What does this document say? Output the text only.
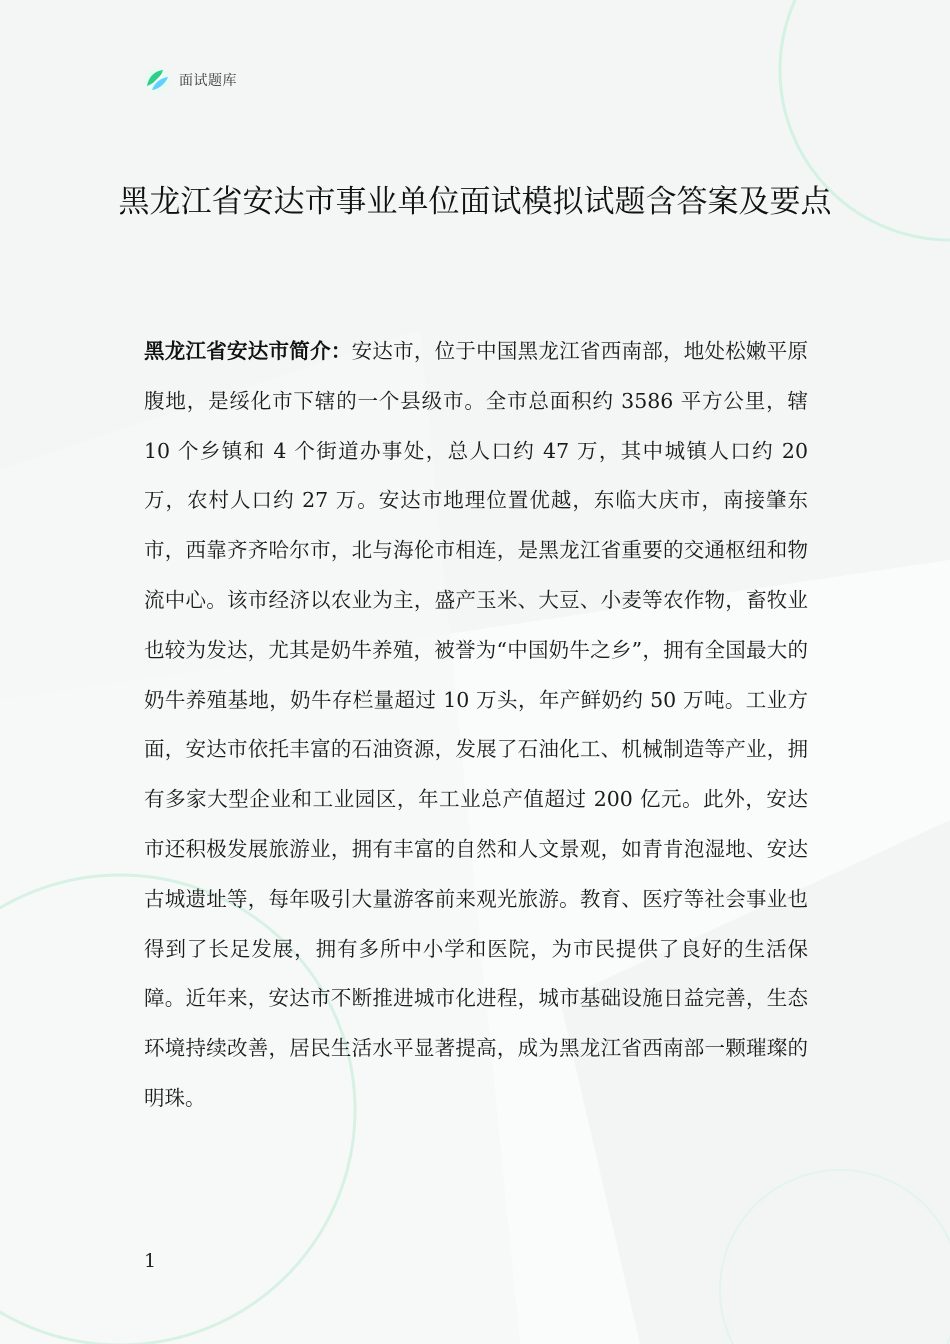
面试题库
黑龙江省安达市事业单位面试模拟试题含答案及要点

黑龙江省安达市简介：安达市，位于中国黑龙江省西南部，地处松嫩平原腹地，是绥化市下辖的一个县级市。全市总面积约 3586 平方公里，辖 10 个乡镇和 4 个街道办事处，总人口约 47 万，其中城镇人口约 20 万，农村人口约 27 万。安达市地理位置优越，东临大庆市，南接肇东市，西靠齐齐哈尔市，北与海伦市相连，是黑龙江省重要的交通枢纽和物流中心。该市经济以农业为主，盛产玉米、大豆、小麦等农作物，畜牧业也较为发达，尤其是奶牛养殖，被誉为“中国奶牛之乡”，拥有全国最大的奶牛养殖基地，奶牛存栏量超过 10 万头，年产鲜奶约 50 万吨。工业方面，安达市依托丰富的石油资源，发展了石油化工、机械制造等产业，拥有多家大型企业和工业园区，年工业总产值超过 200 亿元。此外，安达市还积极发展旅游业，拥有丰富的自然和人文景观，如青肯泡湿地、安达古城遗址等，每年吸引大量游客前来观光旅游。教育、医疗等社会事业也得到了长足发展，拥有多所中小学和医院，为市民提供了良好的生活保障。近年来，安达市不断推进城市化进程，城市基础设施日益完善，生态环境持续改善，居民生活水平显著提高，成为黑龙江省西南部一颗璀璨的明珠。

1
